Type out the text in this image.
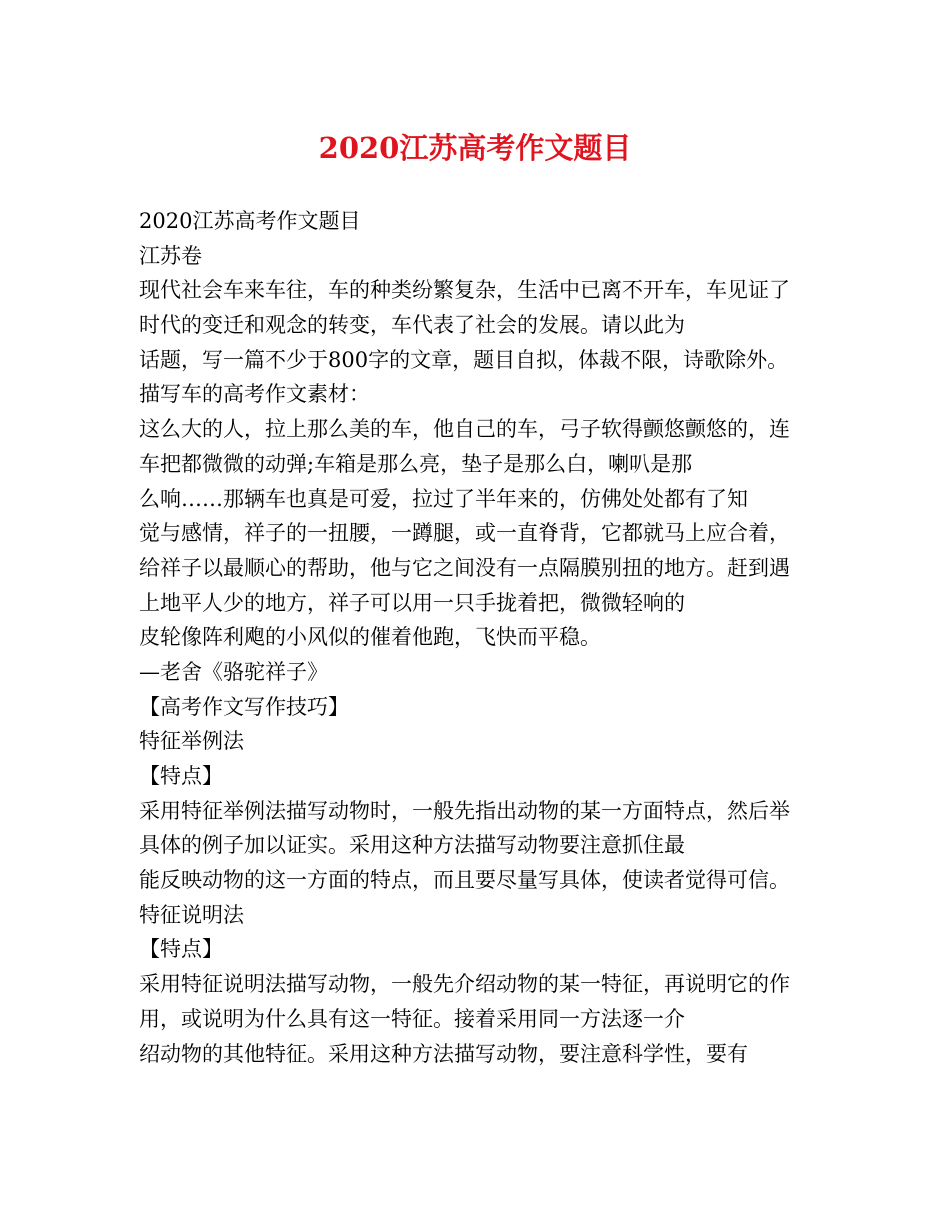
2020江苏高考作文题目
2020江苏高考作文题目
江苏卷
现代社会车来车往，车的种类纷繁复杂，生活中已离不开车，车见证了
时代的变迁和观念的转变，车代表了社会的发展。请以此为
话题，写一篇不少于800字的文章，题目自拟，体裁不限，诗歌除外。
描写车的高考作文素材：
这么大的人，拉上那么美的车，他自己的车，弓子软得颤悠颤悠的，连
车把都微微的动弹;车箱是那么亮，垫子是那么白，喇叭是那
么响……那辆车也真是可爱，拉过了半年来的，仿佛处处都有了知
觉与感情，祥子的一扭腰，一蹲腿，或一直脊背，它都就马上应合着，
给祥子以最顺心的帮助，他与它之间没有一点隔膜别扭的地方。赶到遇
上地平人少的地方，祥子可以用一只手拢着把，微微轻响的
皮轮像阵利飑的小风似的催着他跑，飞快而平稳。
—老舍《骆驼祥子》
【高考作文写作技巧】
特征举例法
【特点】
采用特征举例法描写动物时，一般先指出动物的某一方面特点，然后举
具体的例子加以证实。采用这种方法描写动物要注意抓住最
能反映动物的这一方面的特点，而且要尽量写具体，使读者觉得可信。
特征说明法
【特点】
采用特征说明法描写动物，一般先介绍动物的某一特征，再说明它的作
用，或说明为什么具有这一特征。接着采用同一方法逐一介
绍动物的其他特征。采用这种方法描写动物，要注意科学性，要有
